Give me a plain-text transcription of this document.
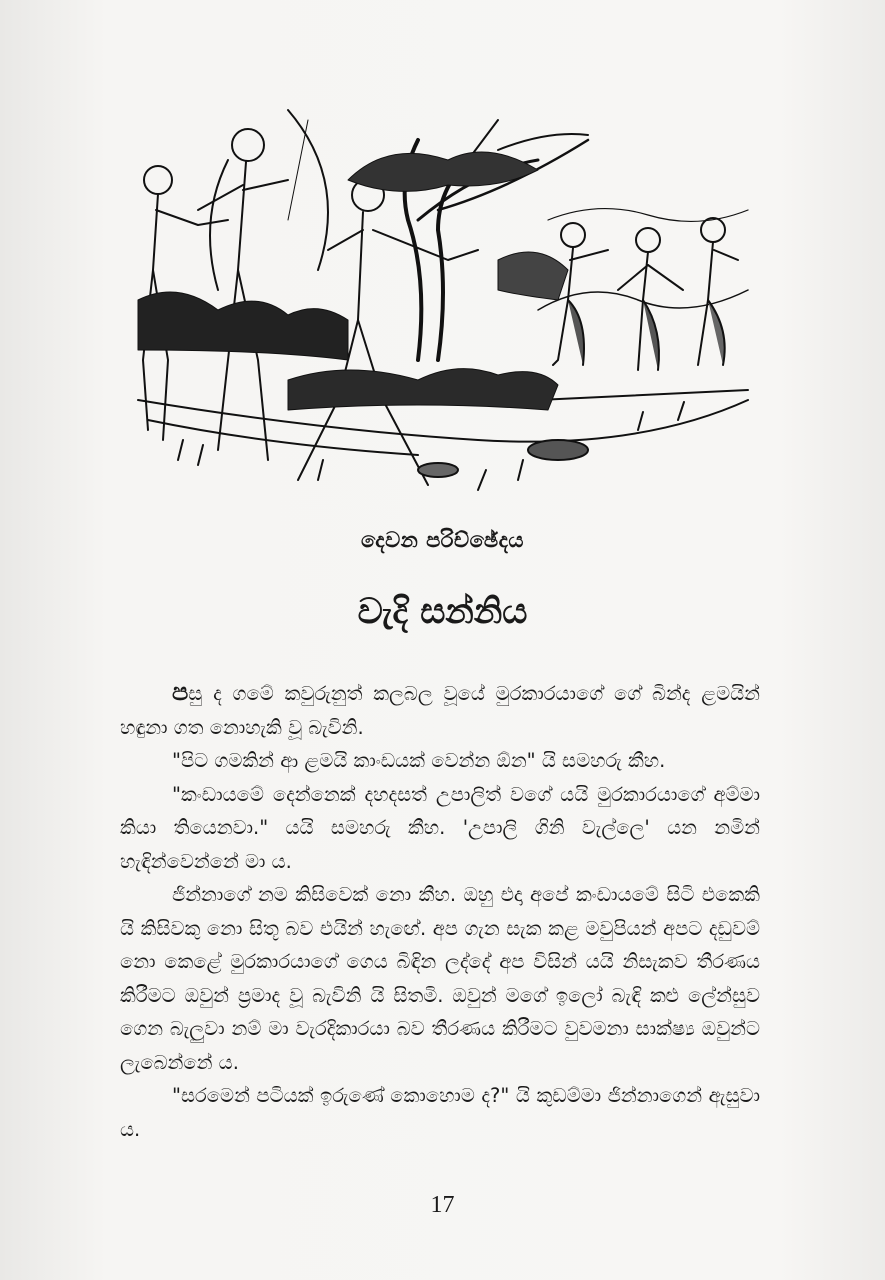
දෙවන පරිච්ඡේදය
වැදි සන්නිය

පසු ද ගමේ කවුරුනුත් කලබල වූයේ මුරකාරයාගේ ගේ බින්ද ළමයින් හඳුනා ගත නොහැකි වූ බැවිනි.

"පිට ගමකින් ආ ළමයි කාංඩයක් වෙන්න ඕන" යි සමහරු කීහ.

"කංඩායමේ දෙන්නෙක් දහදසත් උපාලිත් වගේ යයි මුරකාරයාගේ අම්මා කියා තියෙනවා." යයි සමහරු කීහ. 'උපාලි ගිනි වැල්ලෙ' යන නමින් හැඳින්වෙන්නේ මා ය.

ජින්නාගේ නම කිසිවෙක් නො කීහ. ඔහු එදා අපේ කංඩායමේ සිටි එකෙකි යි කිසිවකු නො සිතූ බව එයින් හැඟේ. අප ගැන සැක කළ මවුපියන් අපට දඩුවම් නො කෙළේ මුරකාරයාගේ ගෙය බිඳින ලද්දේ අප විසින් යයි නිසැකව තීරණය කිරීමට ඔවුන් ප්‍රමාද වූ බැවිනි යි සිතමි. ඔවුන් මගේ ඉලෝ බැඳි කළු ලේන්සුව ගෙන බැලුවා නම් මා වැරදිකාරයා බව තීරණය කිරීමට වුවමනා සාක්ෂ්‍ය ඔවුන්ට ලැබෙන්නේ ය.

"සරමෙන් පටියක් ඉරුණේ කොහොම ද?" යි කුඩම්මා ජින්නාගෙන් ඇසුවා ය.

17
